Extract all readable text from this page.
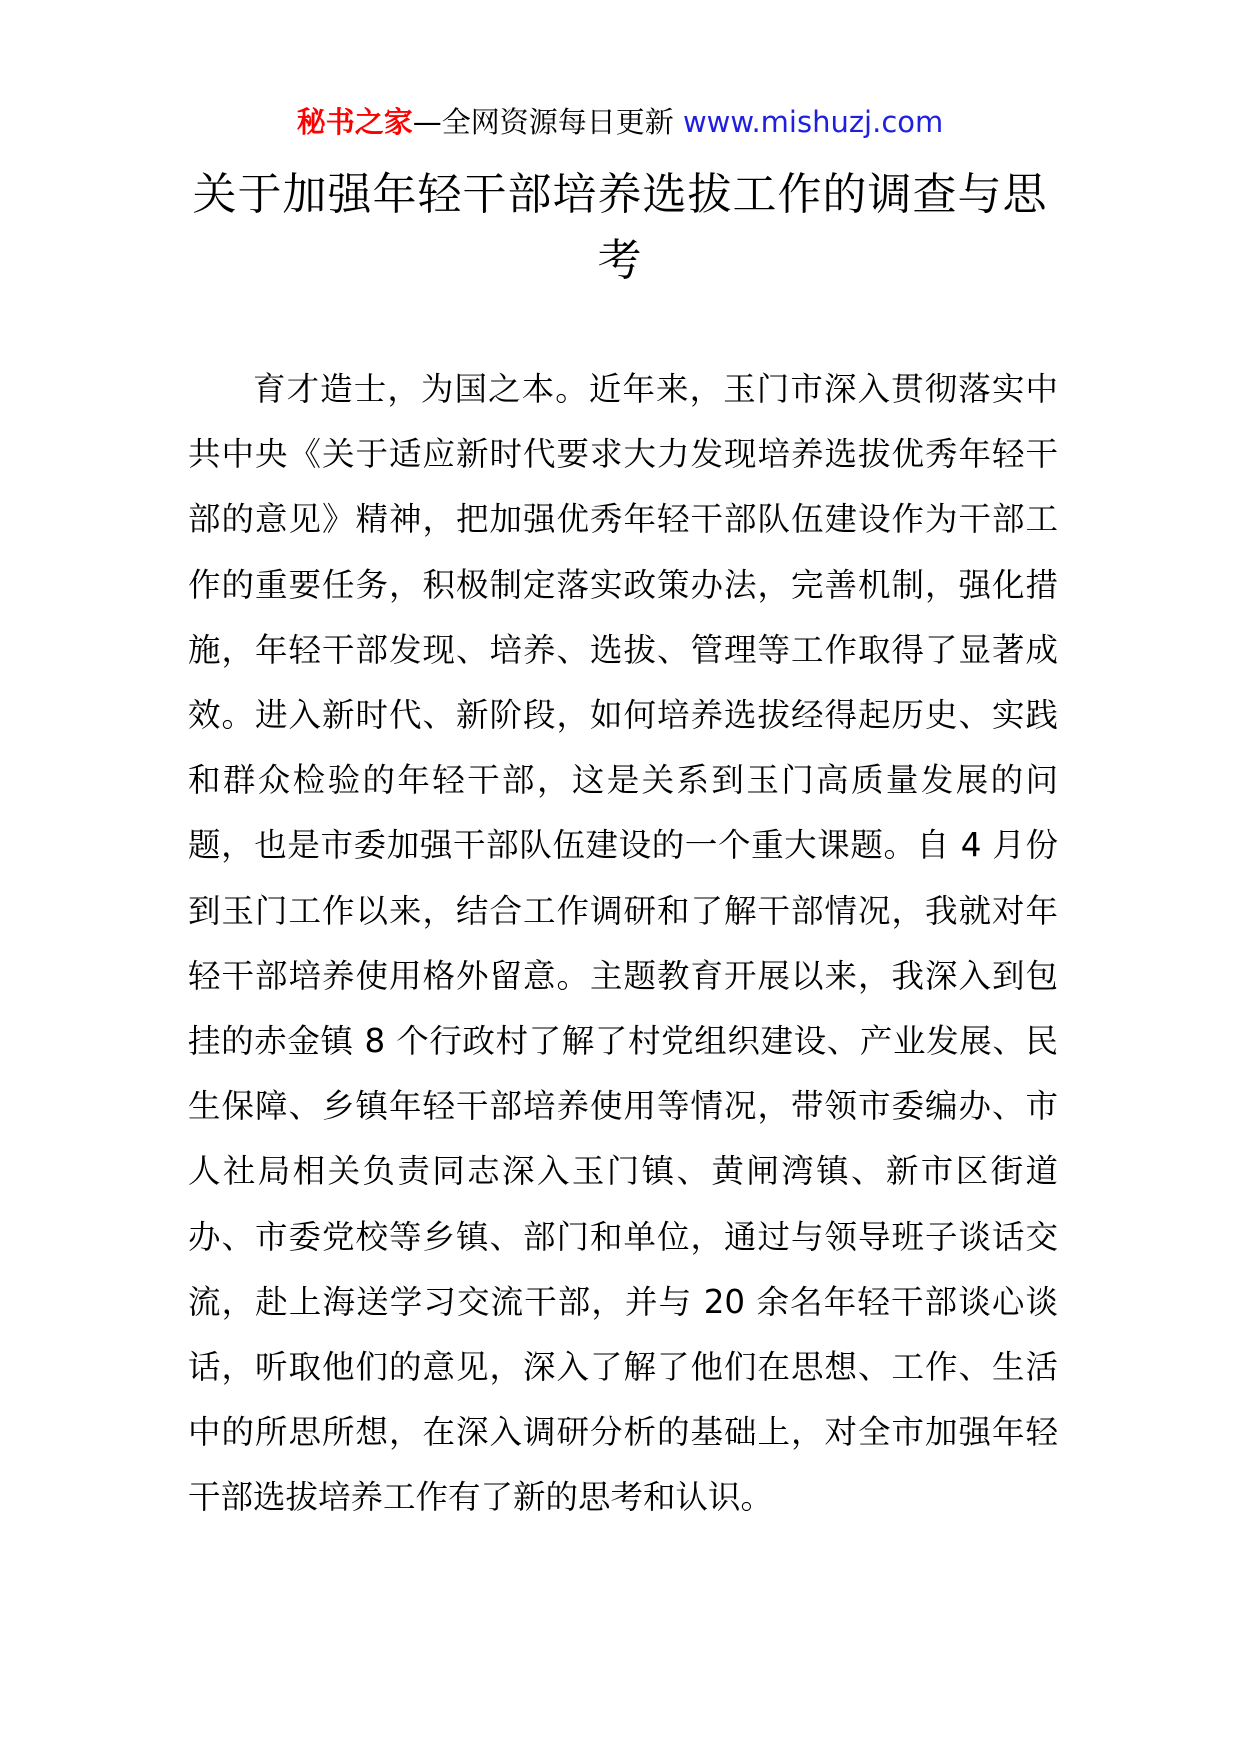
秘书之家—全网资源每日更新 www.mishuzj.com
关于加强年轻干部培养选拔工作的调查与思考

育才造士，为国之本。近年来，玉门市深入贯彻落实中共中央《关于适应新时代要求大力发现培养选拔优秀年轻干部的意见》精神，把加强优秀年轻干部队伍建设作为干部工作的重要任务，积极制定落实政策办法，完善机制，强化措施，年轻干部发现、培养、选拔、管理等工作取得了显著成效。进入新时代、新阶段，如何培养选拔经得起历史、实践和群众检验的年轻干部，这是关系到玉门高质量发展的问题，也是市委加强干部队伍建设的一个重大课题。自 4 月份到玉门工作以来，结合工作调研和了解干部情况，我就对年轻干部培养使用格外留意。主题教育开展以来，我深入到包挂的赤金镇 8 个行政村了解了村党组织建设、产业发展、民生保障、乡镇年轻干部培养使用等情况，带领市委编办、市人社局相关负责同志深入玉门镇、黄闸湾镇、新市区街道办、市委党校等乡镇、部门和单位，通过与领导班子谈话交流，赴上海送学习交流干部，并与 20 余名年轻干部谈心谈话，听取他们的意见，深入了解了他们在思想、工作、生活中的所思所想，在深入调研分析的基础上，对全市加强年轻干部选拔培养工作有了新的思考和认识。
